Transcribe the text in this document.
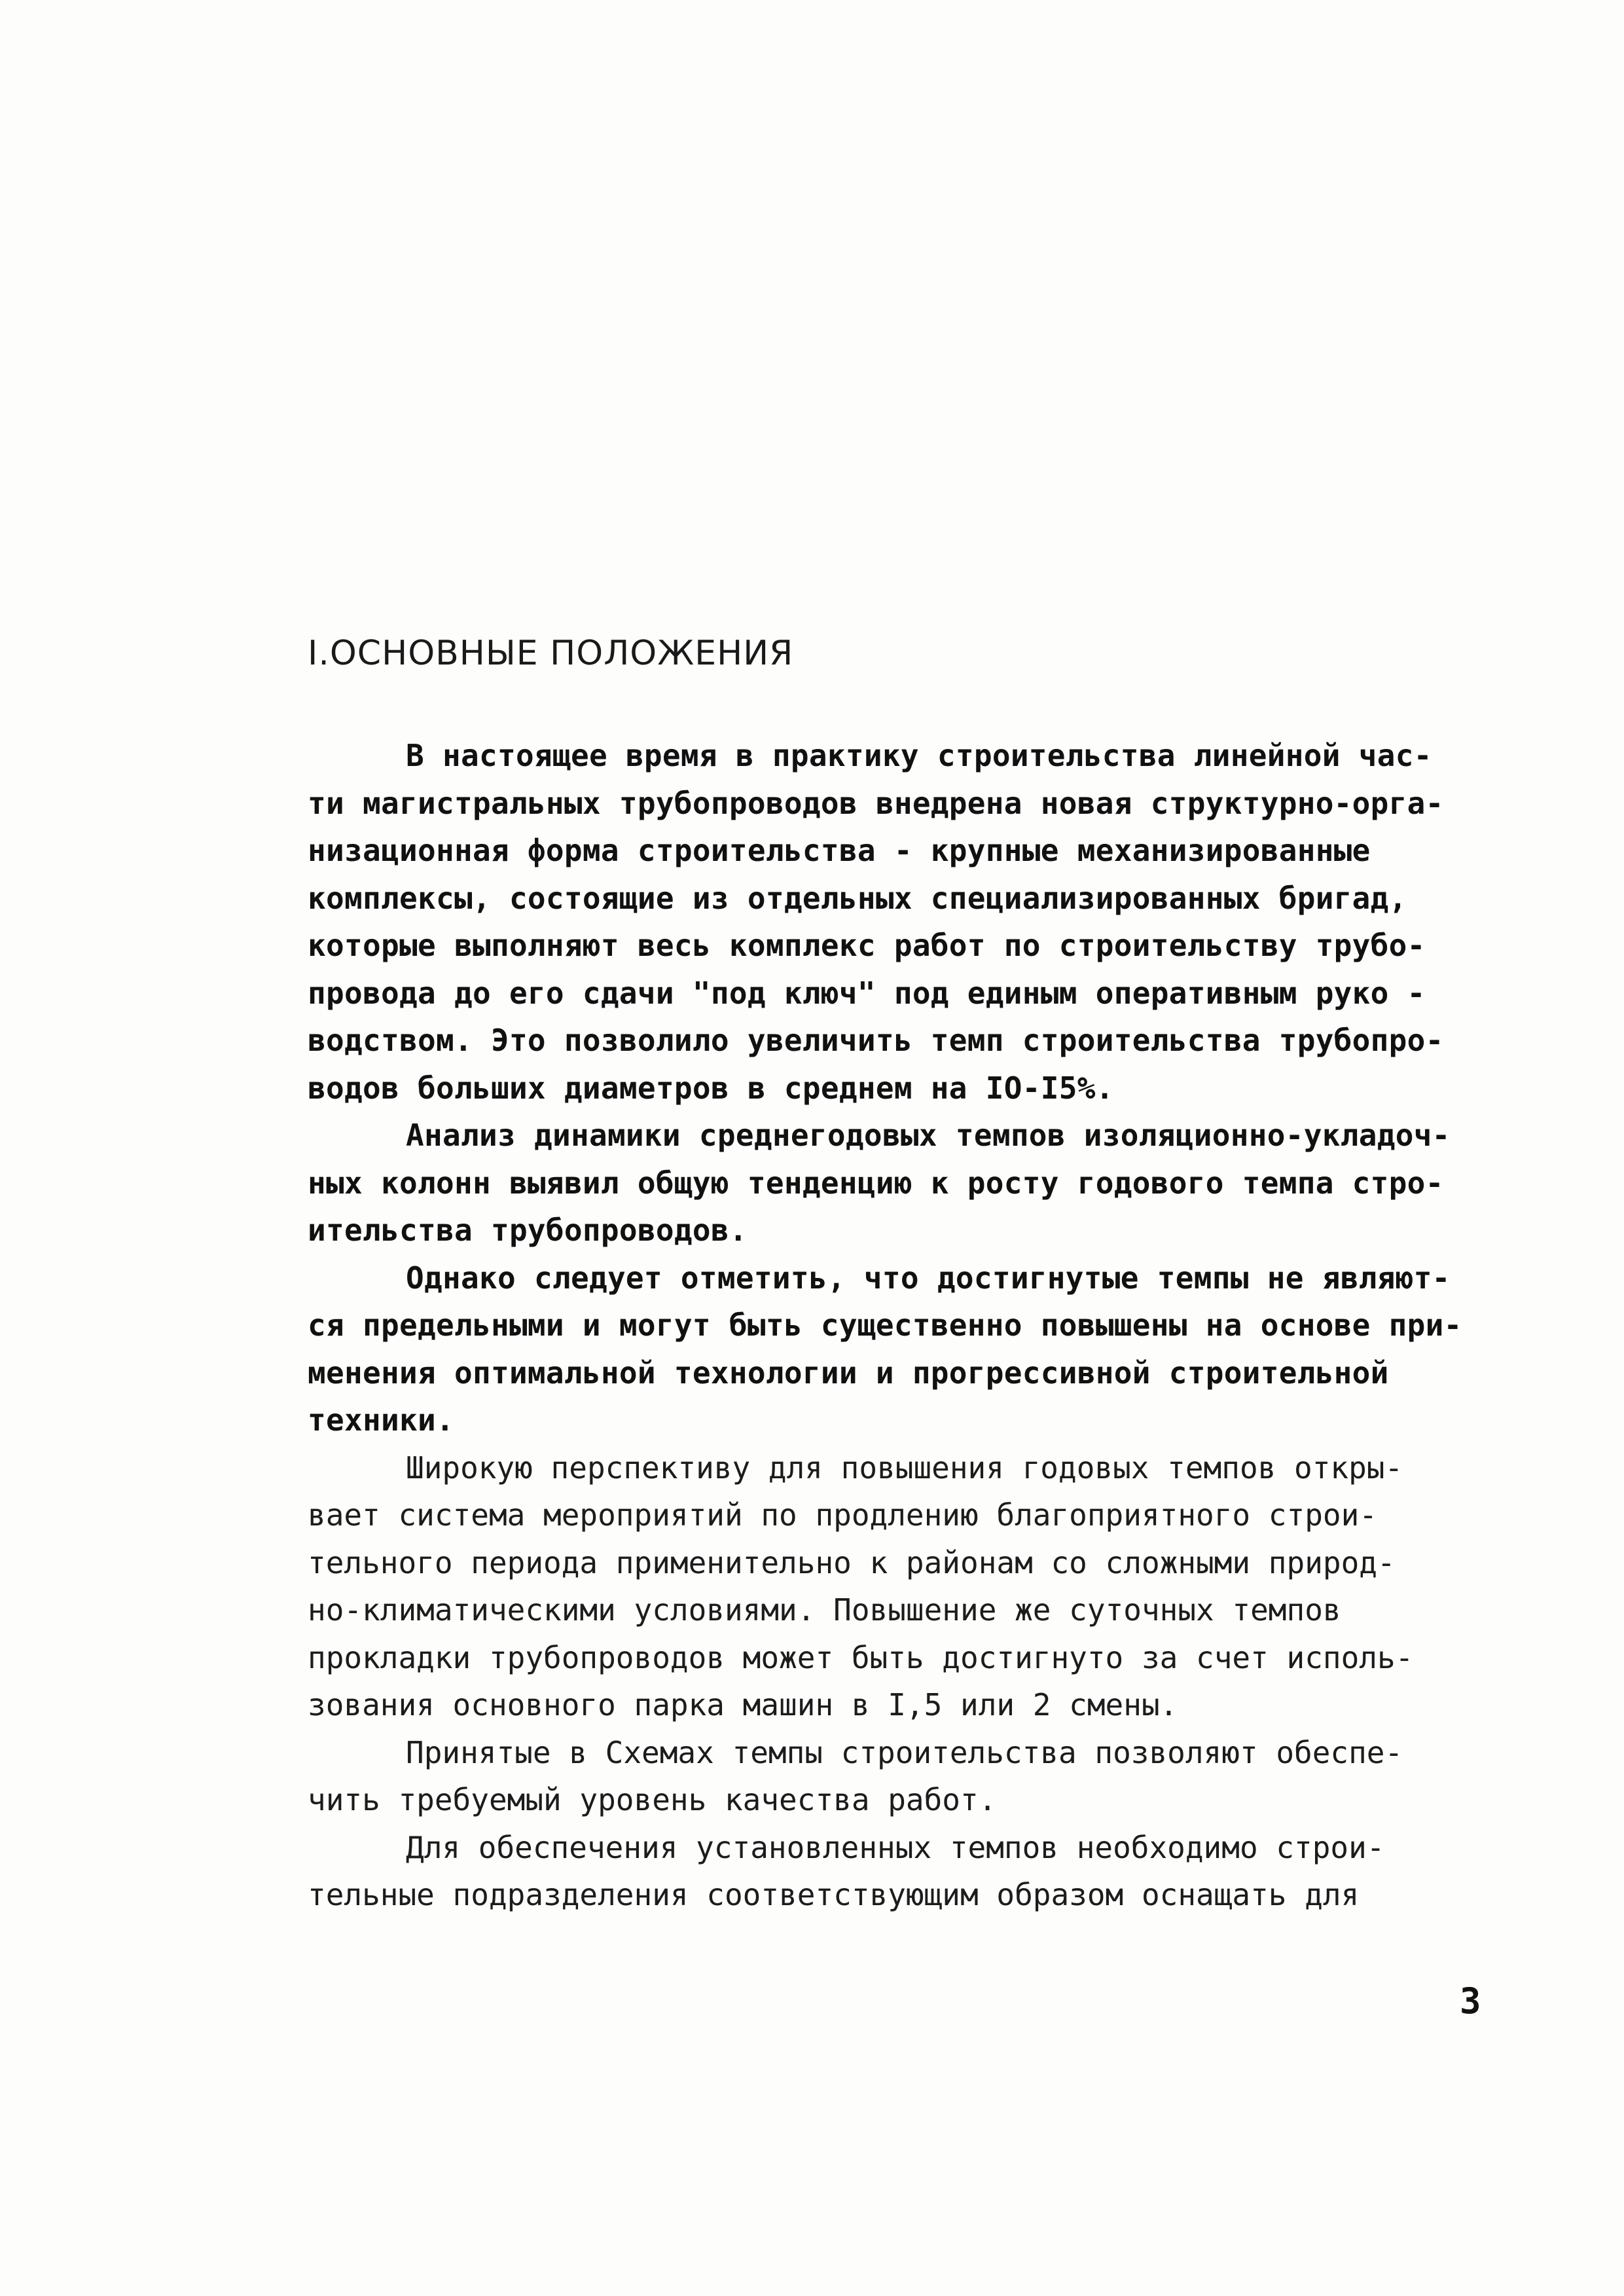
I.ОСНОВНЫЕ ПОЛОЖЕНИЯ
В настоящее время в практику строительства линейной час-
ти магистральных трубопроводов внедрена новая структурно-орга-
низационная форма строительства - крупные механизированные
комплексы, состоящие из отдельных специализированных бригад,
которые выполняют весь комплекс работ по строительству трубо-
провода до его сдачи "под ключ" под единым оперативным руко -
водством. Это позволило увеличить темп строительства трубопро-
водов больших диаметров в среднем на IO-I5%.
Анализ динамики среднегодовых темпов изоляционно-укладоч-
ных колонн выявил общую тенденцию к росту годового темпа стро-
ительства трубопроводов.
Однако следует отметить, что достигнутые темпы не являют-
ся предельными и могут быть существенно повышены на основе при-
менения оптимальной технологии и прогрессивной строительной
техники.
Широкую перспективу для повышения годовых темпов откры-
вает система мероприятий по продлению благоприятного строи-
тельного периода применительно к районам со сложными природ-
но-климатическими условиями. Повышение же суточных темпов
прокладки трубопроводов может быть достигнуто за счет исполь-
зования основного парка машин в I,5 или 2 смены.
Принятые в Схемах темпы строительства позволяют обеспе-
чить требуемый уровень качества работ.
Для обеспечения установленных темпов необходимо строи-
тельные подразделения соответствующим образом оснащать для
3
